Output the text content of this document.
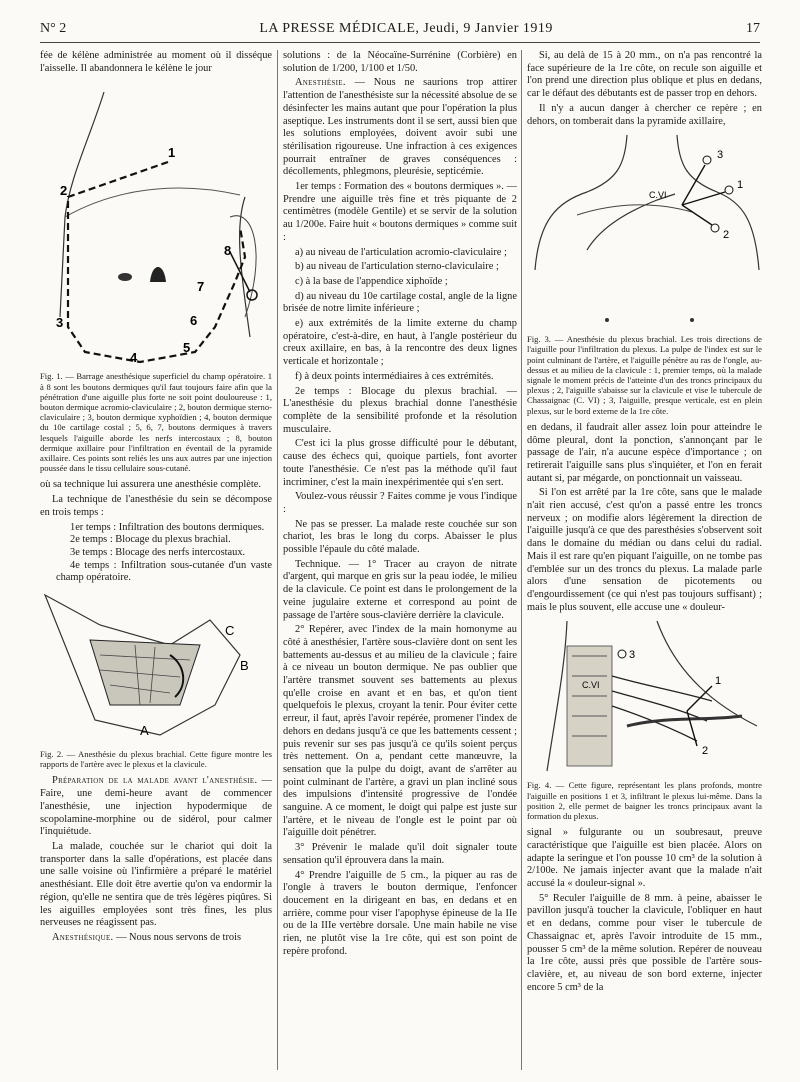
N° 2	LA PRESSE MÉDICALE, Jeudi, 9 Janvier 1919	17

fée de kélène administrée au moment où il disséque l'aisselle. Il abandonnera le kélène le jour

1
2
3
4
5
6
7
8

Fig. 1. — Barrage anesthésique superficiel du champ opératoire. 1 à 8 sont les boutons dermiques qu'il faut toujours faire afin que la pénétration d'une aiguille plus forte ne soit point douloureuse : 1, bouton dermique acromio-claviculaire ; 2, bouton dermique sterno-claviculaire ; 3, bouton dermique xyphoïdien ; 4, bouton dermique du 10e cartilage costal ; 5, 6, 7, boutons dermiques à travers lesquels l'aiguille aborde les nerfs intercostaux ; 8, bouton dermique axillaire pour l'infiltration en éventail de la pyramide axillaire. Ces points sont reliés les uns aux autres par une injection poussée dans le tissu cellulaire sous-cutané.

où sa technique lui assurera une anesthésie complète.

La technique de l'anesthésie du sein se décompose en trois temps :

1er temps : Infiltration des boutons dermiques.
2e temps : Blocage du plexus brachial.
3e temps : Blocage des nerfs intercostaux.
4e temps : Infiltration sous-cutanée d'un vaste champ opératoire.
C
B
A

Fig. 2. — Anesthésie du plexus brachial. Cette figure montre les rapports de l'artère avec le plexus et la clavicule.

Préparation de la malade avant l'anesthésie. — Faire, une demi-heure avant de commencer l'anesthésie, une injection hypodermique de scopolamine-morphine ou de sidérol, pour calmer l'inquiétude.

La malade, couchée sur le chariot qui doit la transporter dans la salle d'opérations, est placée dans une salle voisine où l'infirmière a préparé le matériel anesthésiant. Elle doit être avertie qu'on va endormir la région, qu'elle ne sentira que de très légères piqûres. Si les aiguilles employées sont très fines, les plus nerveuses ne réagissent pas.

Anesthésique. — Nous nous servons de trois

solutions : de la Néocaïne-Surrénine (Corbière) en solution de 1/200, 1/100 et 1/50.

Anesthésie. — Nous ne saurions trop attirer l'attention de l'anesthésiste sur la nécessité absolue de se désinfecter les mains autant que pour l'opération la plus aseptique. Les instruments dont il se sert, aussi bien que les solutions employées, doivent avoir subi une stérilisation rigoureuse. Une infraction à ces exigences pourrait entraîner de graves conséquences : décollements, phlegmons, pleurésie, septicémie.

1er temps : Formation des « boutons dermiques ». — Prendre une aiguille très fine et très piquante de 2 centimètres (modèle Gentile) et se servir de la solution au 1/200e. Faire huit « boutons dermiques » comme suit :

a) au niveau de l'articulation acromio-claviculaire ;

b) au niveau de l'articulation sterno-claviculaire ;

c) à la base de l'appendice xiphoïde ;

d) au niveau du 10e cartilage costal, angle de la ligne brisée de notre limite inférieure ;

e) aux extrémités de la limite externe du champ opératoire, c'est-à-dire, en haut, à l'angle postérieur du creux axillaire, en bas, à la rencontre des deux lignes verticale et horizontale ;

f) à deux points intermédiaires à ces extrémités.

2e temps : Blocage du plexus brachial. — L'anesthésie du plexus brachial donne l'anesthésie complète de la sensibilité profonde et la résolution musculaire.

C'est ici la plus grosse difficulté pour le débutant, cause des échecs qui, quoique partiels, font avorter toute l'anesthésie. Ce n'est pas la méthode qu'il faut incriminer, c'est la main inexpérimentée qui s'en sert.

Voulez-vous réussir ? Faites comme je vous l'indique :

Ne pas se presser. La malade reste couchée sur son chariot, les bras le long du corps. Abaisser le plus possible l'épaule du côté malade.

Technique. — 1° Tracer au crayon de nitrate d'argent, qui marque en gris sur la peau iodée, le milieu de la clavicule. Ce point est dans le prolongement de la veine jugulaire externe et correspond au point de passage de l'artère sous-clavière derrière la clavicule.

2° Repérer, avec l'index de la main homonyme au côté à anesthésier, l'artère sous-clavière dont on sent les battements au-dessus et au milieu de la clavicule ; faire à ce niveau un bouton dermique. Ne pas oublier que l'artère transmet souvent ses battements au plexus qu'elle croise en avant et en bas, et qu'on tient quelquefois le plexus, croyant la tenir. Pour éviter cette erreur, il faut, après l'avoir repérée, promener l'index de dehors en dedans jusqu'à ce que les battements cessent ; puis revenir sur ses pas jusqu'à ce qu'ils soient perçus très nettement. On a, pendant cette manœuvre, la sensation que la pulpe du doigt, avant de s'arrêter au point culminant de l'artère, a gravi un plan incliné sous des impulsions d'intensité progressive de l'ondée sanguine. A ce moment, le doigt qui palpe est juste sur l'artère, et le niveau de l'ongle est le point par où l'aiguille doit pénétrer.

3° Prévenir le malade qu'il doit signaler toute sensation qu'il éprouvera dans la main.

4° Prendre l'aiguille de 5 cm., la piquer au ras de l'ongle à travers le bouton dermique, l'enfoncer doucement en la dirigeant en bas, en dedans et en arrière, comme pour viser l'apophyse épineuse de la IIe ou de la IIIe vertèbre dorsale. Une main habile ne vise rien, ne plutôt vise la 1re côte, qui est son point de repère profond.

Si, au delà de 15 à 20 mm., on n'a pas rencontré la face supérieure de la 1re côte, on recule son aiguille et l'on prend une direction plus oblique et plus en dedans, car le défaut des débutants est de passer trop en dehors.

Il n'y a aucun danger à chercher ce repère ; en dehors, on tomberait dans la pyramide axillaire,

3
C.VI
1
2

Fig. 3. — Anesthésie du plexus brachial. Les trois directions de l'aiguille pour l'infiltration du plexus. La pulpe de l'index est sur le point culminant de l'artère, et l'aiguille pénètre au ras de l'ongle, au-dessus et au milieu de la clavicule : 1, premier temps, où la malade signale le moment précis de l'atteinte d'un des troncs principaux du plexus ; 2, l'aiguille s'abaisse sur la clavicule et vise le tubercule de Chassaignac (C. VI) ; 3, l'aiguille, presque verticale, est en plein plexus, sur le bord externe de la 1re côte.

en dedans, il faudrait aller assez loin pour atteindre le dôme pleural, dont la ponction, s'annonçant par le passage de l'air, n'a aucune espèce d'importance ; on retirerait l'aiguille sans plus s'inquiéter, et l'on en ferait autant si, par mégarde, on ponctionnait un vaisseau.

Si l'on est arrêté par la 1re côte, sans que le malade n'ait rien accusé, c'est qu'on a passé entre les troncs nerveux ; on modifie alors légèrement la direction de l'aiguille jusqu'à ce que des paresthésies s'observent soit dans le domaine du médian ou dans celui du radial. Mais il est rare qu'en piquant l'aiguille, on ne tombe pas d'emblée sur un des troncs du plexus. La malade parle alors d'une sensation de picotements ou d'engourdissement (ce qui n'est pas toujours suffisant) ; mais le plus souvent, elle accuse une « douleur-

3
C.VI	1
2

Fig. 4. — Cette figure, représentant les plans profonds, montre l'aiguille en positions 1 et 3, infiltrant le plexus lui-même. Dans la position 2, elle permet de baigner les troncs principaux avant la formation du plexus.

signal » fulgurante ou un soubresaut, preuve caractéristique que l'aiguille est bien placée. Alors on adapte la seringue et l'on pousse 10 cm³ de la solution à 2/100e. Ne jamais injecter avant que la malade n'ait accusé la « douleur-signal ».

5° Reculer l'aiguille de 8 mm. à peine, abaisser le pavillon jusqu'à toucher la clavicule, l'obliquer en haut et en dedans, comme pour viser le tubercule de Chassaignac et, après l'avoir introduite de 15 mm., pousser 5 cm³ de la même solution. Repérer de nouveau la 1re côte, aussi près que possible de l'artère sous-clavière, et, au niveau de son bord externe, injecter encore 5 cm³ de la
